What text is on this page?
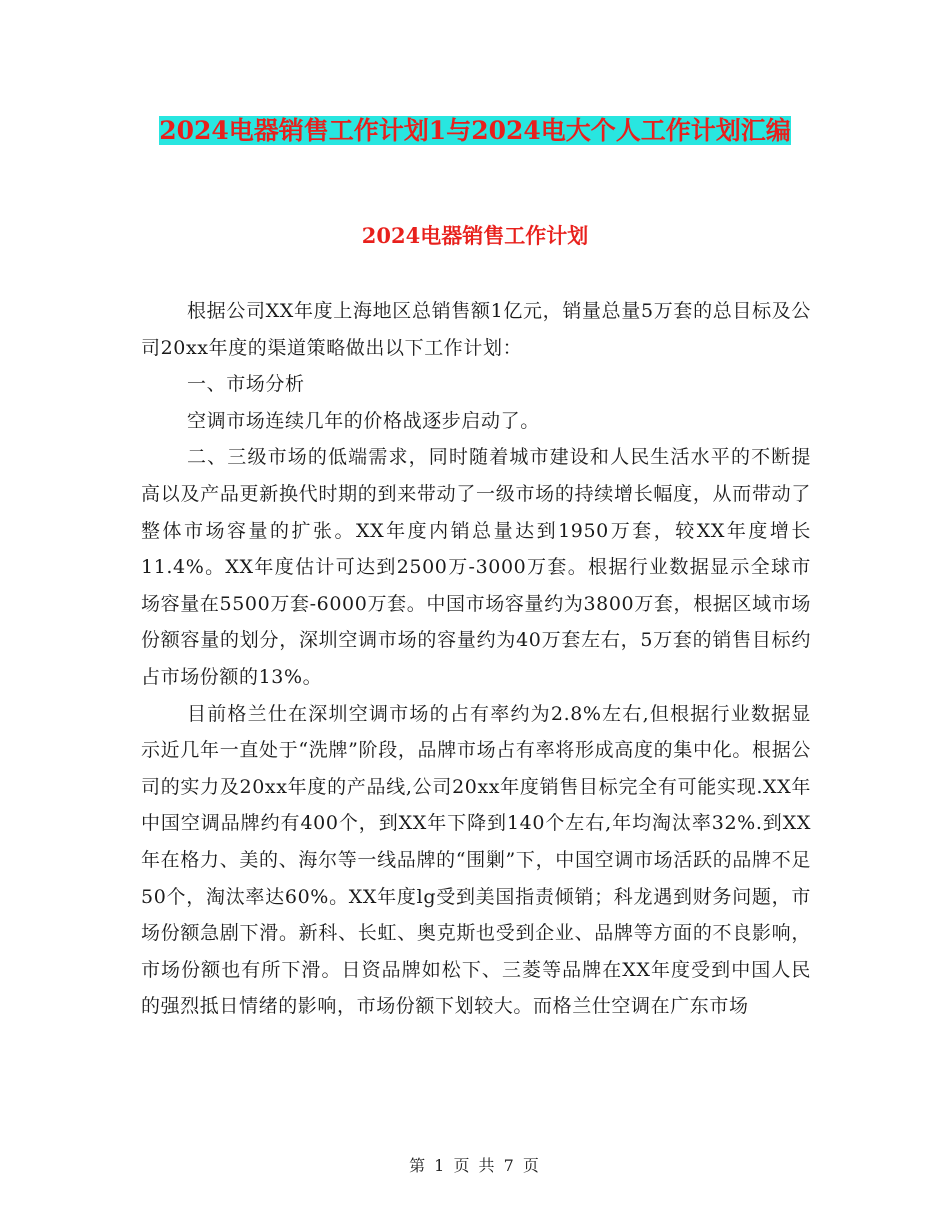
2024电器销售工作计划1与2024电大个人工作计划汇编
2024电器销售工作计划

根据公司XX年度上海地区总销售额1亿元，销量总量5万套的总目标及公司20xx年度的渠道策略做出以下工作计划：

一、市场分析

空调市场连续几年的价格战逐步启动了。

二、三级市场的低端需求，同时随着城市建设和人民生活水平的不断提高以及产品更新换代时期的到来带动了一级市场的持续增长幅度，从而带动了整体市场容量的扩张。XX年度内销总量达到1950万套，较XX年度增长11.4%。XX年度估计可达到2500万-3000万套。根据行业数据显示全球市场容量在5500万套-6000万套。中国市场容量约为3800万套，根据区域市场份额容量的划分，深圳空调市场的容量约为40万套左右，5万套的销售目标约占市场份额的13%。

目前格兰仕在深圳空调市场的占有率约为2.8%左右,但根据行业数据显示近几年一直处于“洗牌”阶段，品牌市场占有率将形成高度的集中化。根据公司的实力及20xx年度的产品线,公司20xx年度销售目标完全有可能实现.XX年中国空调品牌约有400个，到XX年下降到140个左右,年均淘汰率32%.到XX年在格力、美的、海尔等一线品牌的“围剿”下，中国空调市场活跃的品牌不足50个，淘汰率达60%。XX年度lg受到美国指责倾销；科龙遇到财务问题，市场份额急剧下滑。新科、长虹、奥克斯也受到企业、品牌等方面的不良影响，市场份额也有所下滑。日资品牌如松下、三菱等品牌在XX年度受到中国人民的强烈抵日情绪的影响，市场份额下划较大。而格兰仕空调在广东市场

第 1 页 共 7 页
